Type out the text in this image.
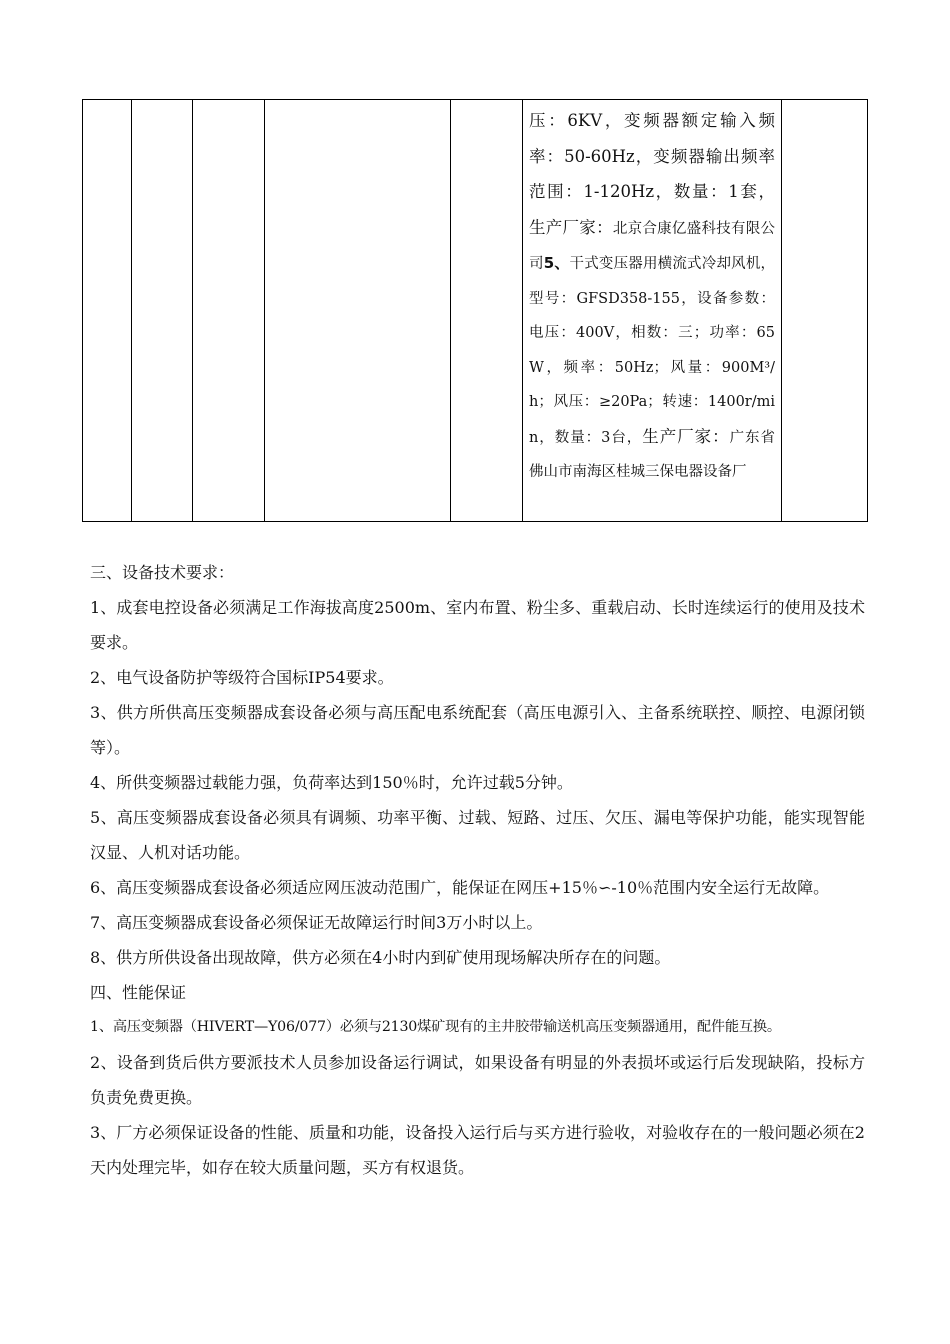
					压：6KV，变频器额定输入频率：50-60Hz，变频器输出频率范围：1-120Hz，数量：1套，生产厂家：北京合康亿盛科技有限公司5、干式变压器用横流式冷却风机，型号：GFSD358-155，设备参数：电压：400V，相数：三；功率：65W，频率：50Hz；风量：900M³/h；风压：≥20Pa；转速：1400r/min，数量：3台，生产厂家：广东省佛山市南海区桂城三保电器设备厂	

三、设备技术要求：

1、成套电控设备必须满足工作海拔高度2500m、室内布置、粉尘多、重载启动、长时连续运行的使用及技术要求。

2、电气设备防护等级符合国标IP54要求。

3、供方所供高压变频器成套设备必须与高压配电系统配套（高压电源引入、主备系统联控、顺控、电源闭锁等）。

4、所供变频器过载能力强，负荷率达到150％时，允许过载5分钟。

5、高压变频器成套设备必须具有调频、功率平衡、过载、短路、过压、欠压、漏电等保护功能，能实现智能汉显、人机对话功能。

6、高压变频器成套设备必须适应网压波动范围广，能保证在网压+15％∽-10％范围内安全运行无故障。

7、高压变频器成套设备必须保证无故障运行时间3万小时以上。

8、供方所供设备出现故障，供方必须在4小时内到矿使用现场解决所存在的问题。

四、性能保证

1、高压变频器（HIVERT—Y06/077）必须与2130煤矿现有的主井胶带输送机高压变频器通用，配件能互换。

2、设备到货后供方要派技术人员参加设备运行调试，如果设备有明显的外表损坏或运行后发现缺陷，投标方负责免费更换。

3、厂方必须保证设备的性能、质量和功能，设备投入运行后与买方进行验收，对验收存在的一般问题必须在2天内处理完毕，如存在较大质量问题，买方有权退货。
